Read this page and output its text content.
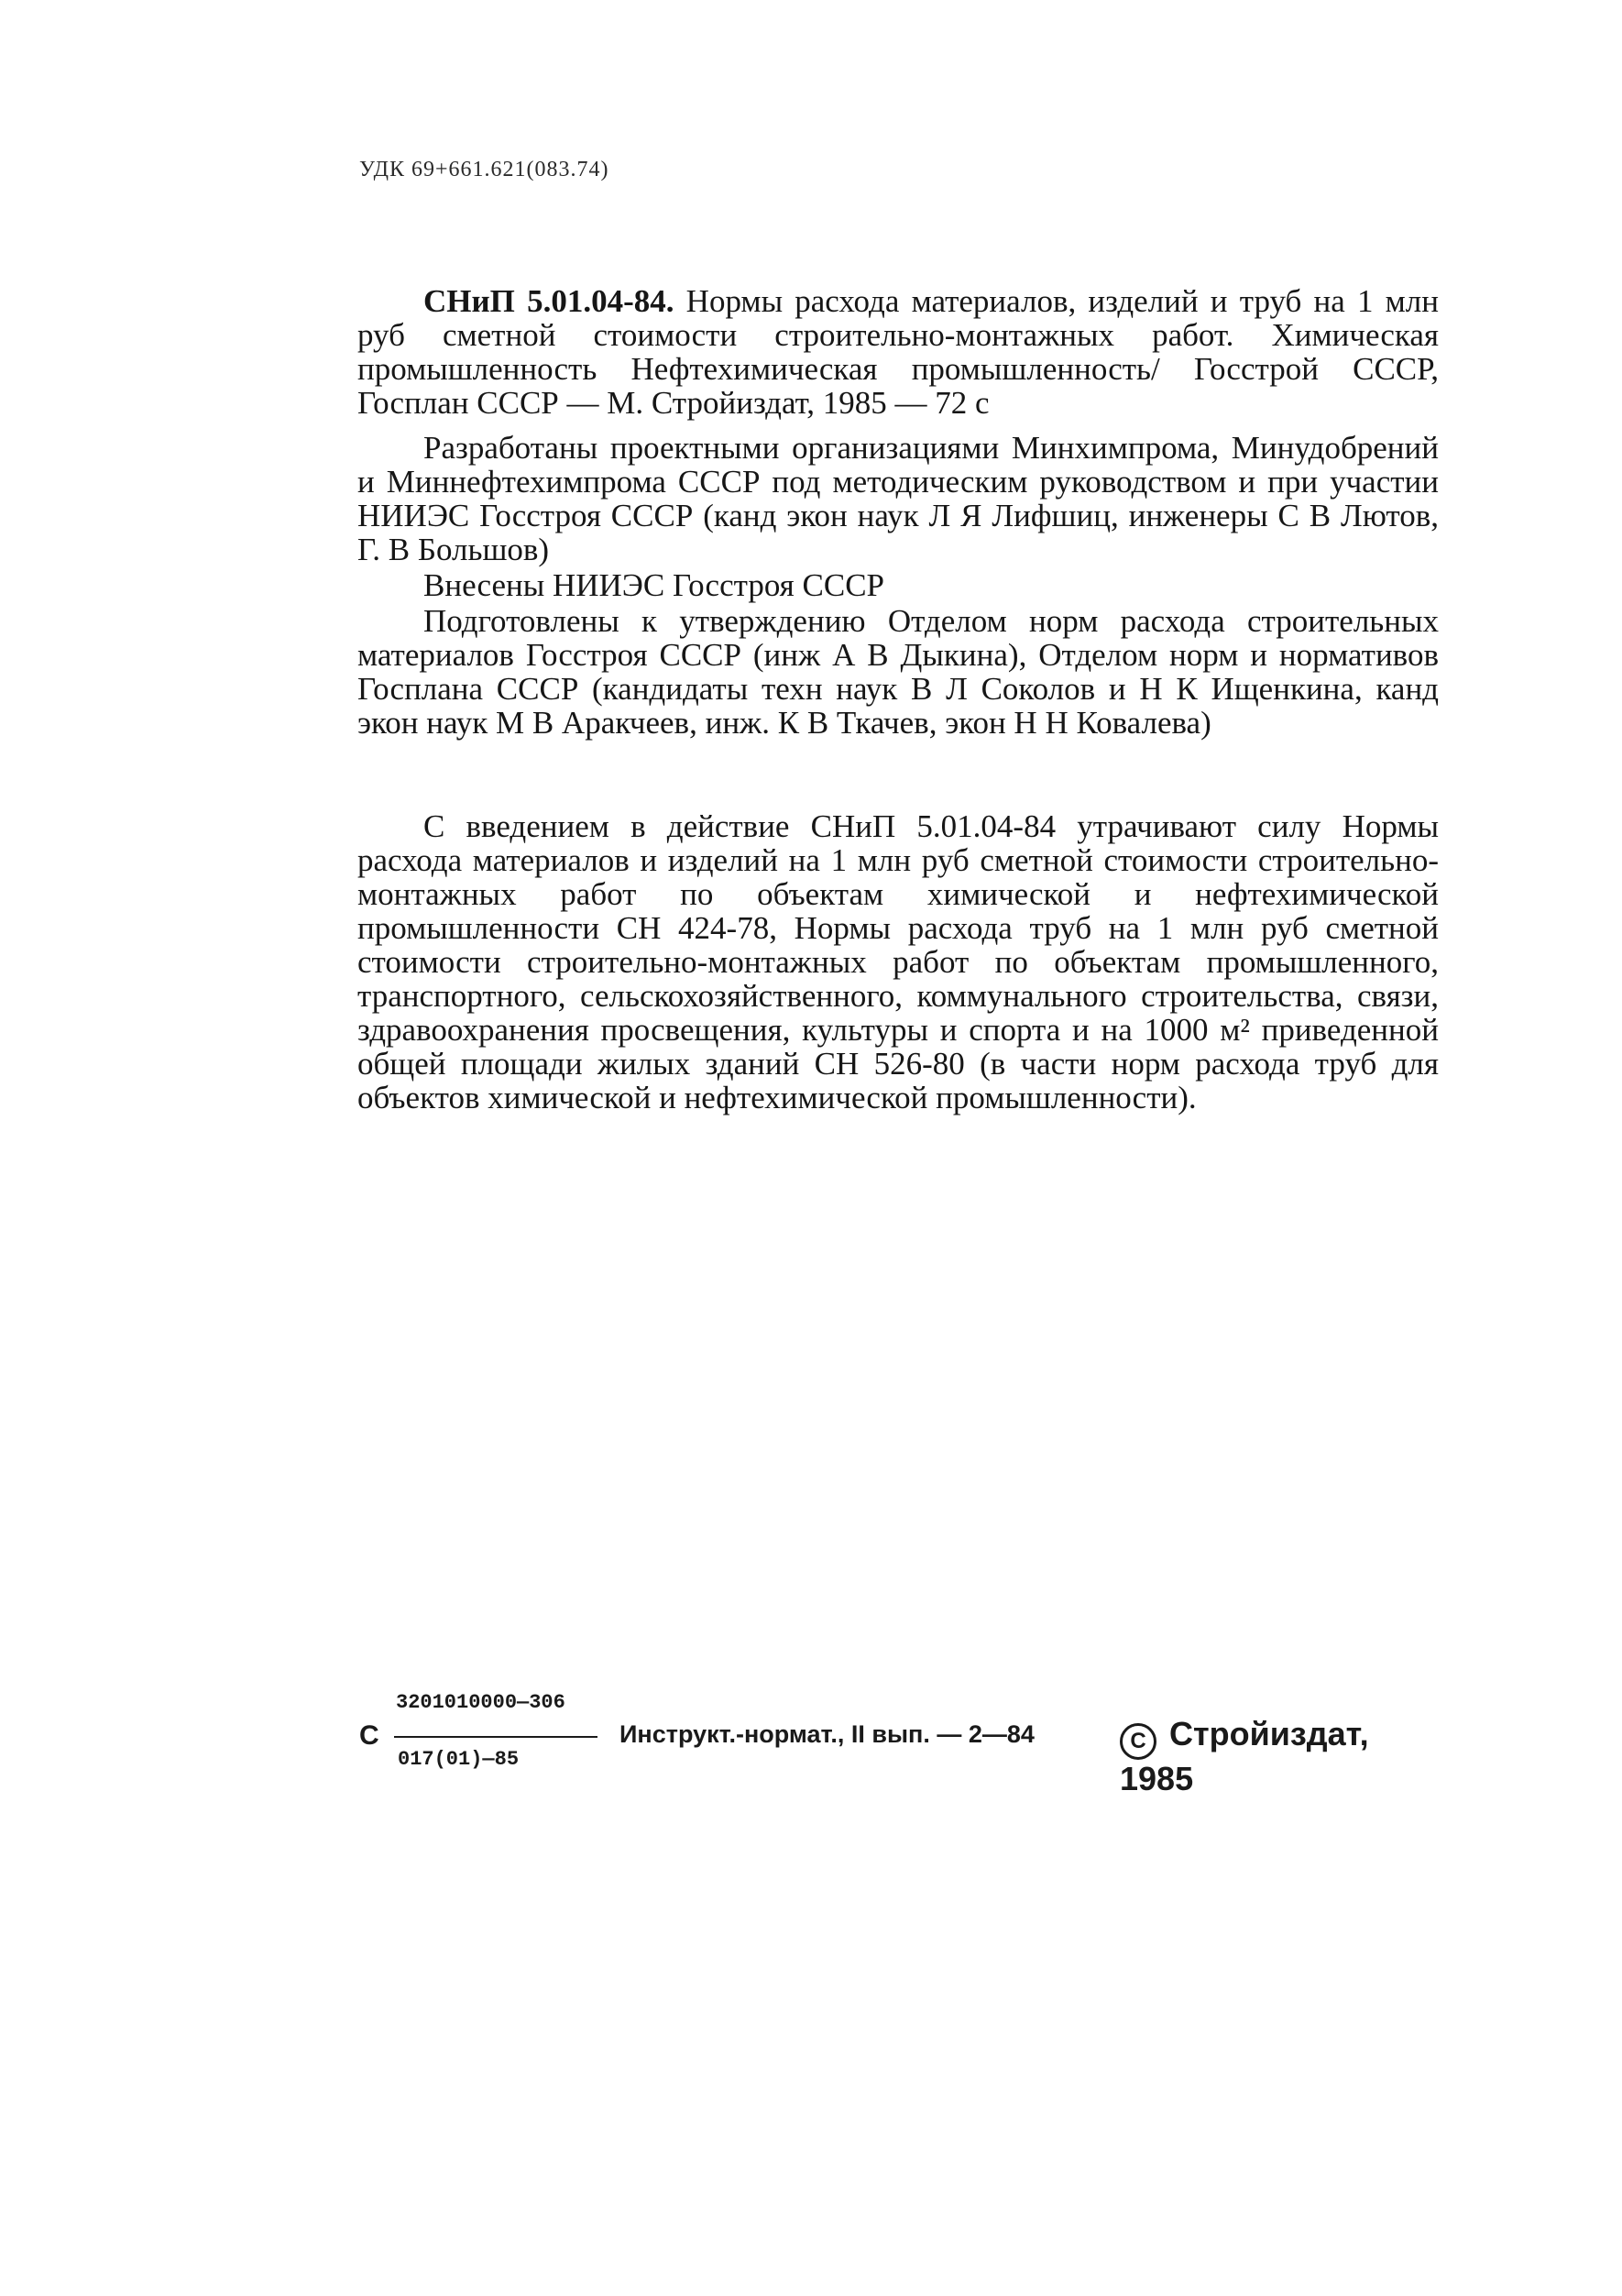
УДК 69+661.621(083.74)

СНиП 5.01.04-84. Нормы расхода материалов, изделий и труб на 1 млн руб сметной стоимости строительно-монтажных работ. Химическая промышленность Нефтехимическая промышленность/ Госстрой СССР, Госплан СССР — М. Стройиздат, 1985 — 72 с

Разработаны проектными организациями Минхимпрома, Минудобрений и Миннефтехимпрома СССР под методическим руководством и при участии НИИЭС Госстроя СССР (канд экон наук Л Я Лифшиц, инженеры С В Лютов, Г. В Большов)

Внесены НИИЭС Госстроя СССР

Подготовлены к утверждению Отделом норм расхода строительных материалов Госстроя СССР (инж А В Дыкина), Отделом норм и нормативов Госплана СССР (кандидаты техн наук В Л Соколов и Н К Ищенкина, канд экон наук М В Аракчеев, инж. К В Ткачев, экон Н Н Ковалева)

С введением в действие СНиП 5.01.04-84 утрачивают силу Нормы расхода материалов и изделий на 1 млн руб сметной стоимости строительно-монтажных работ по объектам химической и нефтехимической промышленности СН 424-78, Нормы расхода труб на 1 млн руб сметной стоимости строительно-монтажных работ по объектам промышленного, транспортного, сельскохозяйственного, коммунального строительства, связи, здравоохранения просвещения, культуры и спорта и на 1000 м² приведенной общей площади жилых зданий СН 526-80 (в части норм расхода труб для объектов химической и нефтехимической промышленности).

С
3201010000—306
017(01)—85
Инструкт.-нормат., II вып. — 2—84	C Стройиздат, 1985
